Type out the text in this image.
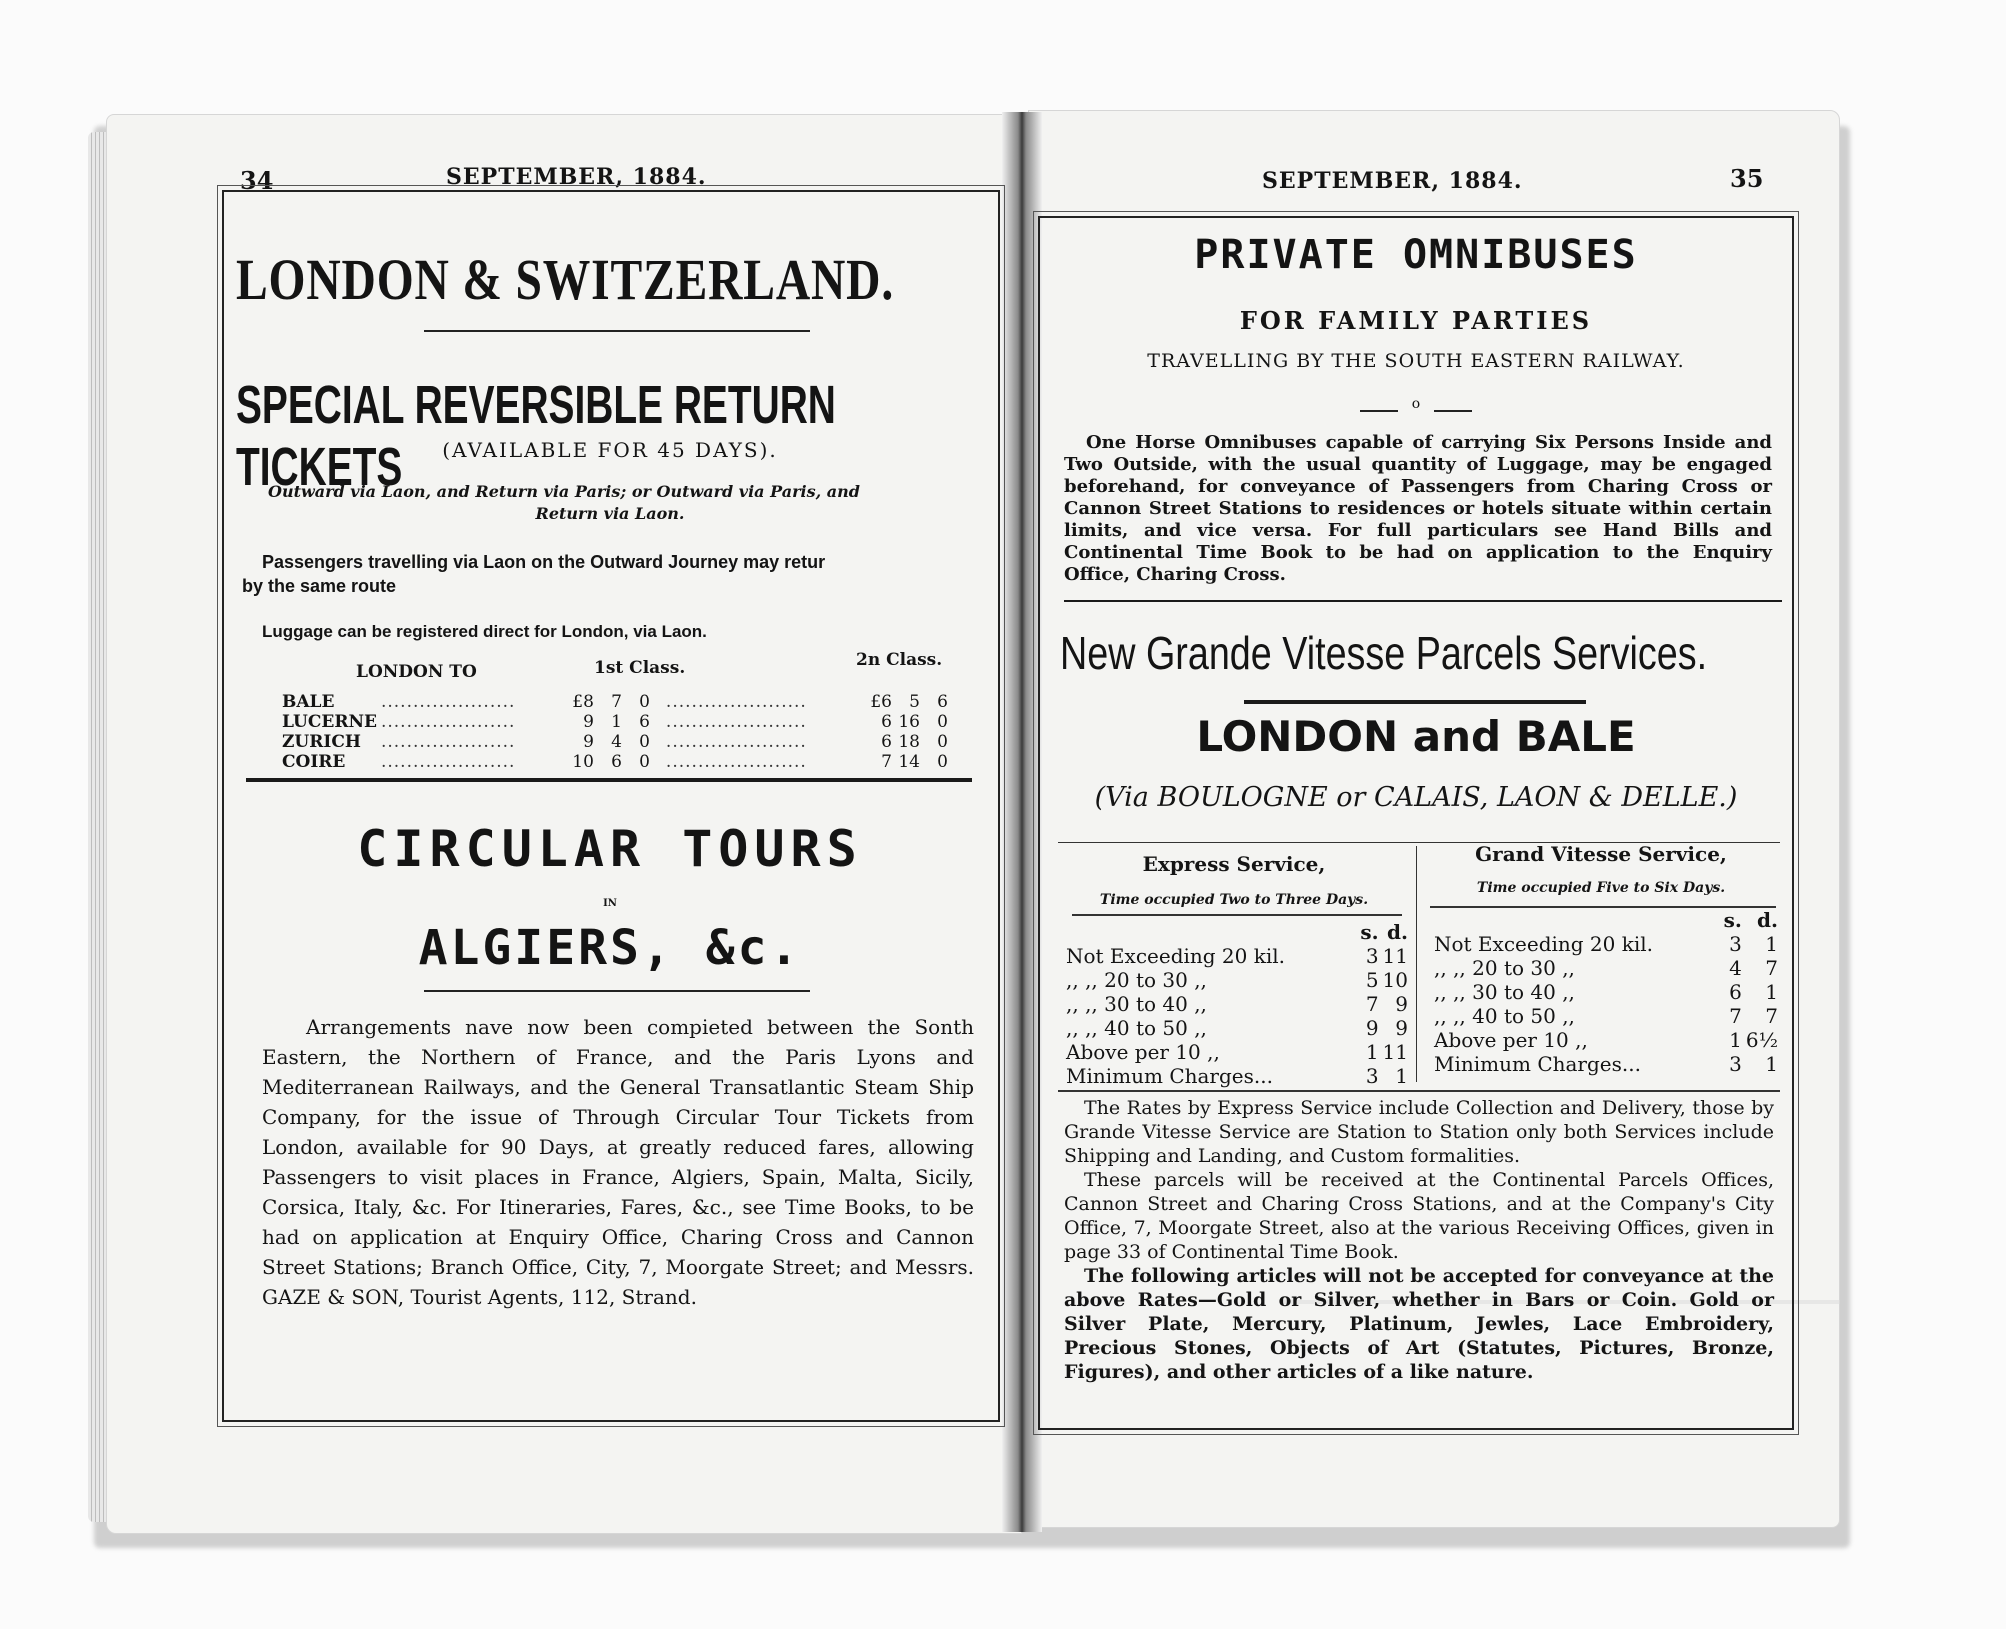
34	SEPTEMBER, 1884.
LONDON & SWITZERLAND.
SPECIAL REVERSIBLE RETURN TICKETS	(AVAILABLE FOR 45 DAYS).
Outward via Laon, and Return via Paris; or Outward via Paris, and
Return via Laon.
Passengers travelling via Laon on the Outward Journey may retur
by the same route
Luggage can be registered direct for London, via Laon.
LONDON TO	1st Class.	2n Class.
BALE	.....................	£8	7	0	......................	£6	5	6
LUCERNE	.....................	9	1	6	......................	6	16	0
ZURICH	.....................	9	4	0	......................	6	18	0
COIRE	.....................	10	6	0	......................	7	14	0
CIRCULAR TOURS
IN
ALGIERS, &c.
Arrangements nave now been compieted between the Sonth Eastern, the Northern of France, and the Paris Lyons and Mediterranean Railways, and the General Transatlantic Steam Ship Company, for the issue of Through Circular Tour Tickets from London, available for 90 Days, at greatly reduced fares, allowing Passengers to visit places in France, Algiers, Spain, Malta, Sicily, Corsica, Italy, &c. For Itineraries, Fares, &c., see Time Books, to be had on application at Enquiry Office, Charing Cross and Cannon Street Stations; Branch Office, City, 7, Moorgate Street; and Messrs. GAZE & SON, Tourist Agents, 112, Strand.
SEPTEMBER, 1884.	35
PRIVATE OMNIBUSES
FOR FAMILY PARTIES
TRAVELLING BY THE SOUTH EASTERN RAILWAY.
o
One Horse Omnibuses capable of carrying Six Persons Inside and Two Outside, with the usual quantity of Luggage, may be engaged beforehand, for conveyance of Passengers from Charing Cross or Cannon Street Stations to residences or hotels situate within certain limits, and vice versa. For full particulars see Hand Bills and Continental Time Book to be had on application to the Enquiry Office, Charing Cross.
New Grande Vitesse Parcels Services.
LONDON and BALE
(Via BOULOGNE or CALAIS, LAON & DELLE.)
Express Service,
Time occupied Two to Three Days.
Grand Vitesse Service,
Time occupied Five to Six Days.
	s.	d.
Not Exceeding 20 kil.	3	11
,, ,, 20 to 30 ,,	5	10
,, ,, 30 to 40 ,,	7	9
,, ,, 40 to 50 ,,	9	9
Above per 10 ,,	1	11
Minimum Charges...	3	1
	s.	d.
Not Exceeding 20 kil.	3	1
,, ,, 20 to 30 ,,	4	7
,, ,, 30 to 40 ,,	6	1
,, ,, 40 to 50 ,,	7	7
Above per 10 ,,	1	6½
Minimum Charges...	3	1

The Rates by Express Service include Collection and Delivery, those by Grande Vitesse Service are Station to Station only both Services include Shipping and Landing, and Custom formalities.

These parcels will be received at the Continental Parcels Offices, Cannon Street and Charing Cross Stations, and at the Company's City Office, 7, Moorgate Street, also at the various Receiving Offices, given in page 33 of Continental Time Book.

The following articles will not be accepted for conveyance at the above Rates—Gold or Silver, whether in Bars or Coin. Gold or Silver Plate, Mercury, Platinum, Jewles, Lace Embroidery, Precious Stones, Objects of Art (Statutes, Pictures, Bronze, Figures), and other articles of a like nature.
